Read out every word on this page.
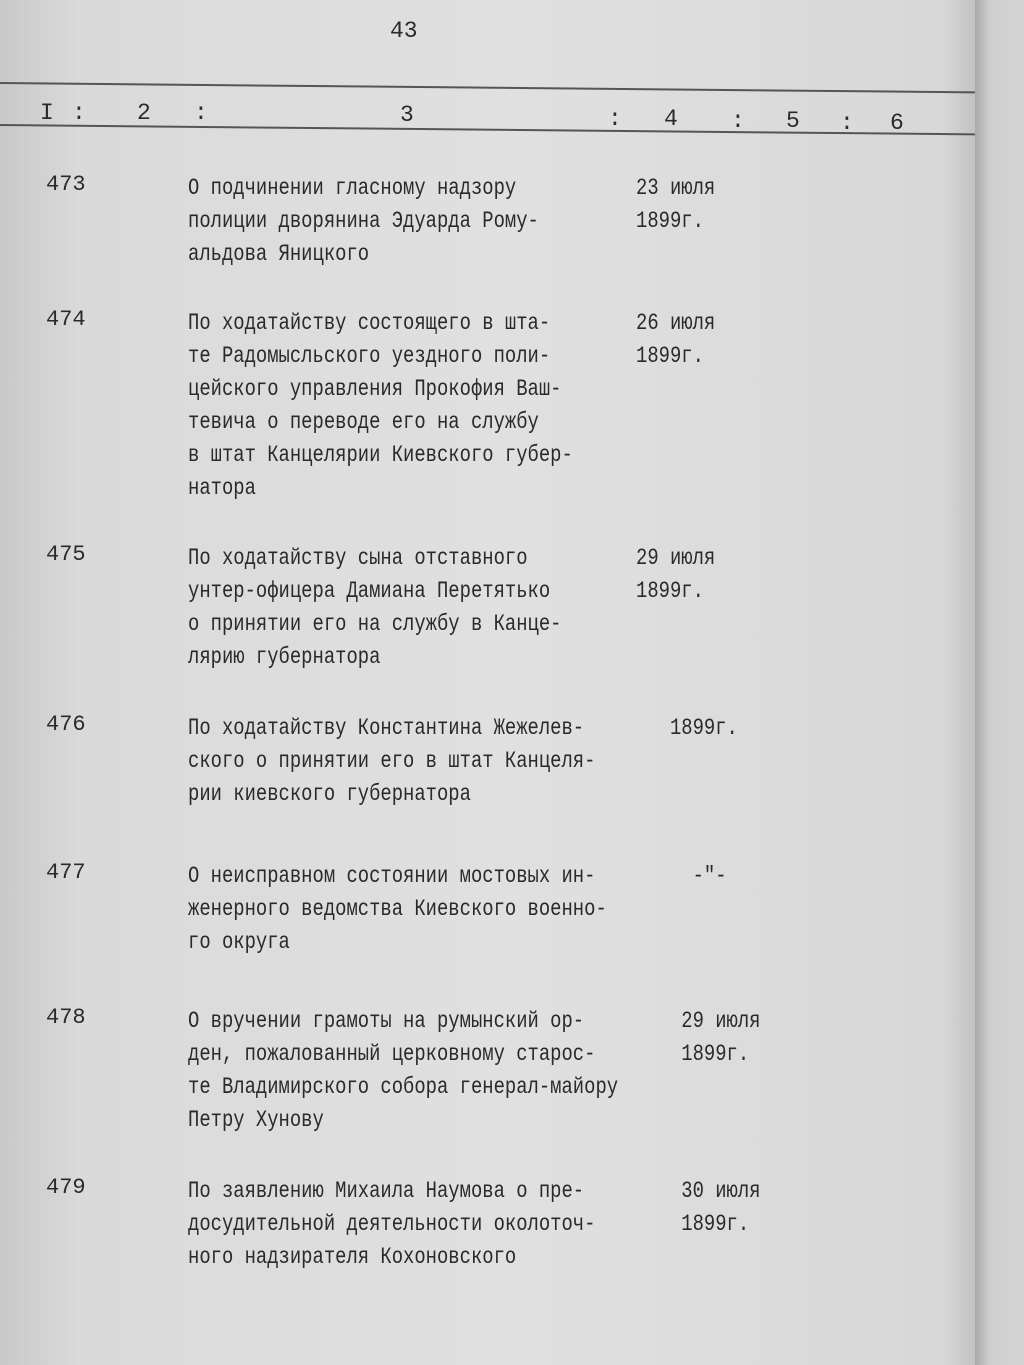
43
I : 2 :	3	: 4 : 5 : 6
473	О подчинении гласному надзору
полиции дворянина Эдуарда Рому-
альдова Яницкого
23 июля
1899г.
474	По ходатайству состоящего в шта-
те Радомысльского уездного поли-
цейского управления Прокофия Ваш-
тевича о переводе его на службу
в штат Канцелярии Киевского губер-
натора
26 июля
1899г.
475	По ходатайству сына отставного
унтер-офицера Дамиана Перетятько
о принятии его на службу в Канце-
лярию губернатора
29 июля
1899г.
476	По ходатайству Константина Жежелев-
ского о принятии его в штат Канцеля-
рии киевского губернатора
1899г.
477	О неисправном состоянии мостовых ин-
женерного ведомства Киевского военно-
го округа
-"-
478	О вручении грамоты на румынский ор-
ден, пожалованный церковному старос-
те Владимирского собора генерал-майору
Петру Хунову
29 июля
1899г.
479	По заявлению Михаила Наумова о пре-
досудительной деятельности околоточ-
ного надзирателя Кохоновского
30 июля
1899г.
